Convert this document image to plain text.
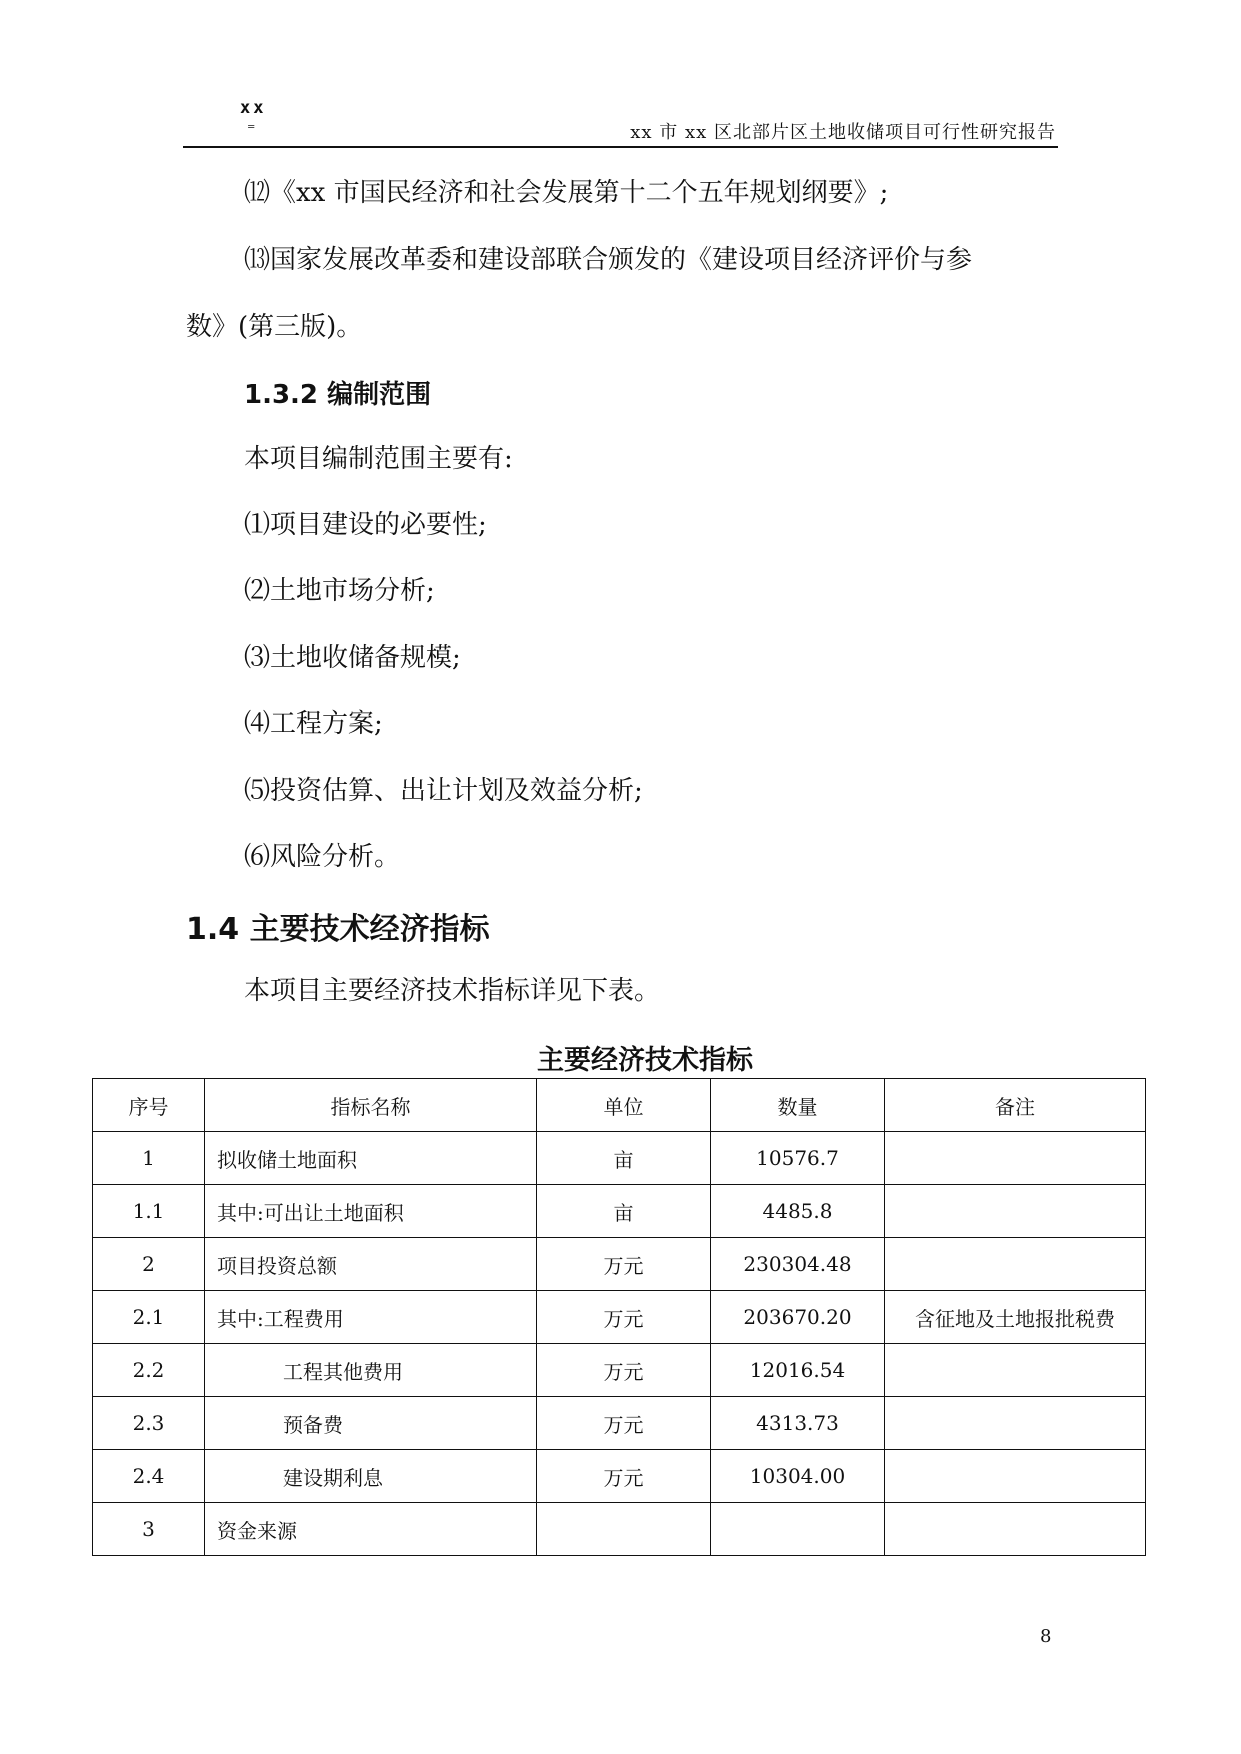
xx
=	xx 市 xx 区北部片区土地收储项目可行性研究报告
⑿《xx 市国民经济和社会发展第十二个五年规划纲要》;
⒀国家发展改革委和建设部联合颁发的《建设项目经济评价与参
数》(第三版)。
1.3.2 编制范围
本项目编制范围主要有:
⑴项目建设的必要性;
⑵土地市场分析;
⑶土地收储备规模;
⑷工程方案;
⑸投资估算、出让计划及效益分析;
⑹风险分析。
1.4 主要技术经济指标
本项目主要经济技术指标详见下表。
主要经济技术指标
序号	指标名称	单位	数量	备注
1	拟收储土地面积	亩	10576.7	
1.1	其中:可出让土地面积	亩	4485.8	
2	项目投资总额	万元	230304.48	
2.1	其中:工程费用	万元	203670.20	含征地及土地报批税费
2.2	工程其他费用	万元	12016.54	
2.3	预备费	万元	4313.73	
2.4	建设期利息	万元	10304.00	
3	资金来源			
8
